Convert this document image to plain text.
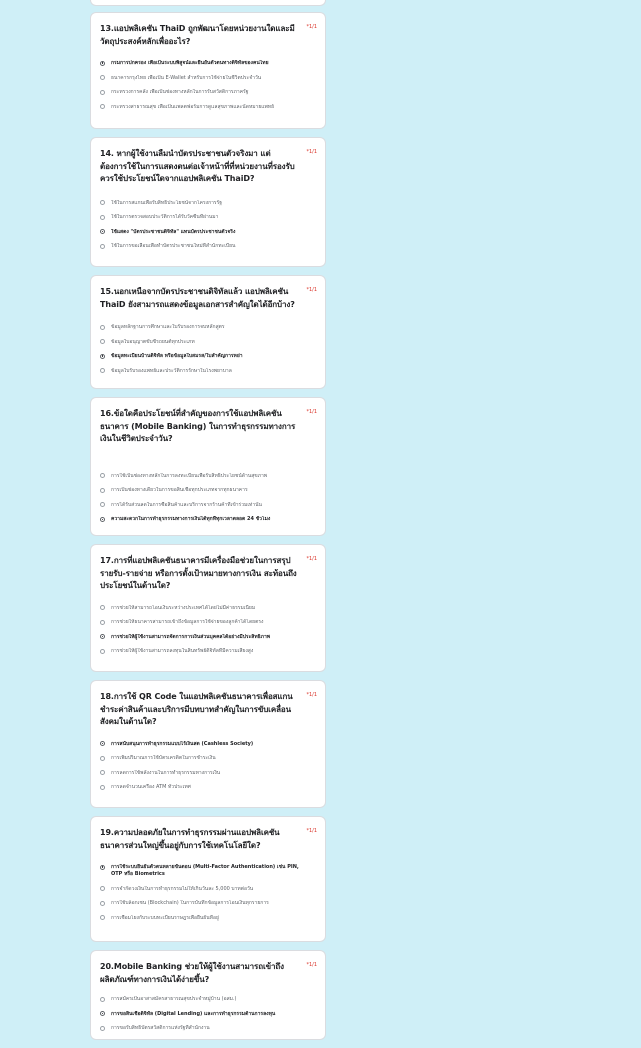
*1/1
13.แอปพลิเคชัน ThaiD ถูกพัฒนาโดยหน่วยงานใดและมีวัตถุประสงค์หลักเพื่ออะไร?
กรมการปกครอง เพื่อเป็นระบบพิสูจน์และยืนยันตัวตนทางดิจิทัลของคนไทย
ธนาคารกรุงไทย เพื่อเป็น E-Wallet สำหรับการใช้จ่ายในชีวิตประจำวัน
กระทรวงการคลัง เพื่อเป็นช่องทางหลักในการรับสวัสดิการภาครัฐ
กระทรวงสาธารณสุข เพื่อเป็นแพลตฟอร์มการดูแลสุขภาพและนัดหมายแพทย์
*1/1
14. หากผู้ใช้งานลืมนำบัตรประชาชนตัวจริงมา แต่ต้องการใช้ในการแสดงตนต่อเจ้าหน้าที่ที่หน่วยงานที่รองรับ ควรใช้ประโยชน์ใดจากแอปพลิเคชัน ThaiD?
ใช้ในการสแกนเพื่อรับสิทธิประโยชน์จากโครงการรัฐ
ใช้ในการตรวจสอบประวัติการได้รับวัคซีนที่ผ่านมา
ใช้แสดง "บัตรประชาชนดิจิทัล" แทนบัตรประชาชนตัวจริง
ใช้ในการขอเลื่อนเพื่อทำบัตรประชาชนใหม่ที่สำนักทะเบียน
*1/1
15.นอกเหนือจากบัตรประชาชนดิจิทัลแล้ว แอปพลิเคชัน ThaiD ยังสามารถแสดงข้อมูลเอกสารสำคัญใดได้อีกบ้าง?
ข้อมูลหลักฐานการศึกษาและใบรับรองการจบหลักสูตร
ข้อมูลใบอนุญาตขับขี่รถยนต์ทุกประเภท
ข้อมูลทะเบียนบ้านดิจิทัล หรือข้อมูลใบสมรส/ใบสำคัญการหย่า
ข้อมูลใบรับรองแพทย์และประวัติการรักษาในโรงพยาบาล
*1/1
16.ข้อใดคือประโยชน์ที่สำคัญของการใช้แอปพลิเคชันธนาคาร (Mobile Banking) ในการทำธุรกรรมทางการเงินในชีวิตประจำวัน?
การใช้เป็นช่องทางหลักในการลงทะเบียนเพื่อรับสิทธิประโยชน์ด้านสุขภาพ
การเป็นช่องทางเดียวในการขอสินเชื่อทุกประเภทจากทุกธนาคาร
การได้รับส่วนลดในการซื้อสินค้าและบริการจากร้านค้าที่เข้าร่วมเท่านั้น
ความสะดวกในการทำธุรกรรมทางการเงินได้ทุกที่ทุกเวลาตลอด 24 ชั่วโมง
*1/1
17.การที่แอปพลิเคชันธนาคารมีเครื่องมือช่วยในการสรุปรายรับ-รายจ่าย หรือการตั้งเป้าหมายทางการเงิน สะท้อนถึงประโยชน์ในด้านใด?
การช่วยให้สามารถโอนเงินระหว่างประเทศได้โดยไม่มีค่าธรรมเนียม
การช่วยให้ธนาคารสามารถเข้าถึงข้อมูลการใช้จ่ายของลูกค้าได้โดยตรง
การช่วยให้ผู้ใช้งานสามารถจัดการการเงินส่วนบุคคลได้อย่างมีประสิทธิภาพ
การช่วยให้ผู้ใช้งานสามารถลงทุนในสินทรัพย์ดิจิทัลที่มีความเสี่ยงสูง
*1/1
18.การใช้ QR Code ในแอปพลิเคชันธนาคารเพื่อสแกนชำระค่าสินค้าและบริการมีบทบาทสำคัญในการขับเคลื่อนสังคมในด้านใด?
การสนับสนุนการทำธุรกรรมแบบไร้เงินสด (Cashless Society)
การเพิ่มปริมาณการใช้บัตรเครดิตในการชำระเงิน
การลดการใช้พลังงานในการทำธุรกรรมทางการเงิน
การลดจำนวนเครื่อง ATM ทั่วประเทศ
*1/1
19.ความปลอดภัยในการทำธุรกรรมผ่านแอปพลิเคชันธนาคารส่วนใหญ่ขึ้นอยู่กับการใช้เทคโนโลยีใด?
การใช้ระบบยืนยันตัวตนหลายขั้นตอน (Multi-Factor Authentication) เช่น PIN, OTP หรือ Biometrics
การจำกัดวงเงินในการทำธุรกรรมไม่ให้เกินวันละ 5,000 บาทต่อวัน
การใช้บล็อกเชน (Blockchain) ในการบันทึกข้อมูลการโอนเงินทุกรายการ
การเชื่อมโยงกับระบบทะเบียนราษฎรเพื่อยืนยันที่อยู่
*1/1
20.Mobile Banking ช่วยให้ผู้ใช้งานสามารถเข้าถึงผลิตภัณฑ์ทางการเงินได้ง่ายขึ้น?
การสมัครเป็นอาสาสมัครสาธารณสุขประจำหมู่บ้าน (อสม.)
การขอสินเชื่อดิจิทัล (Digital Lending) และการทำธุรกรรมด้านการลงทุน
การขอรับสิทธิ์บัตรสวัสดิการแห่งรัฐที่สำนักงาน
